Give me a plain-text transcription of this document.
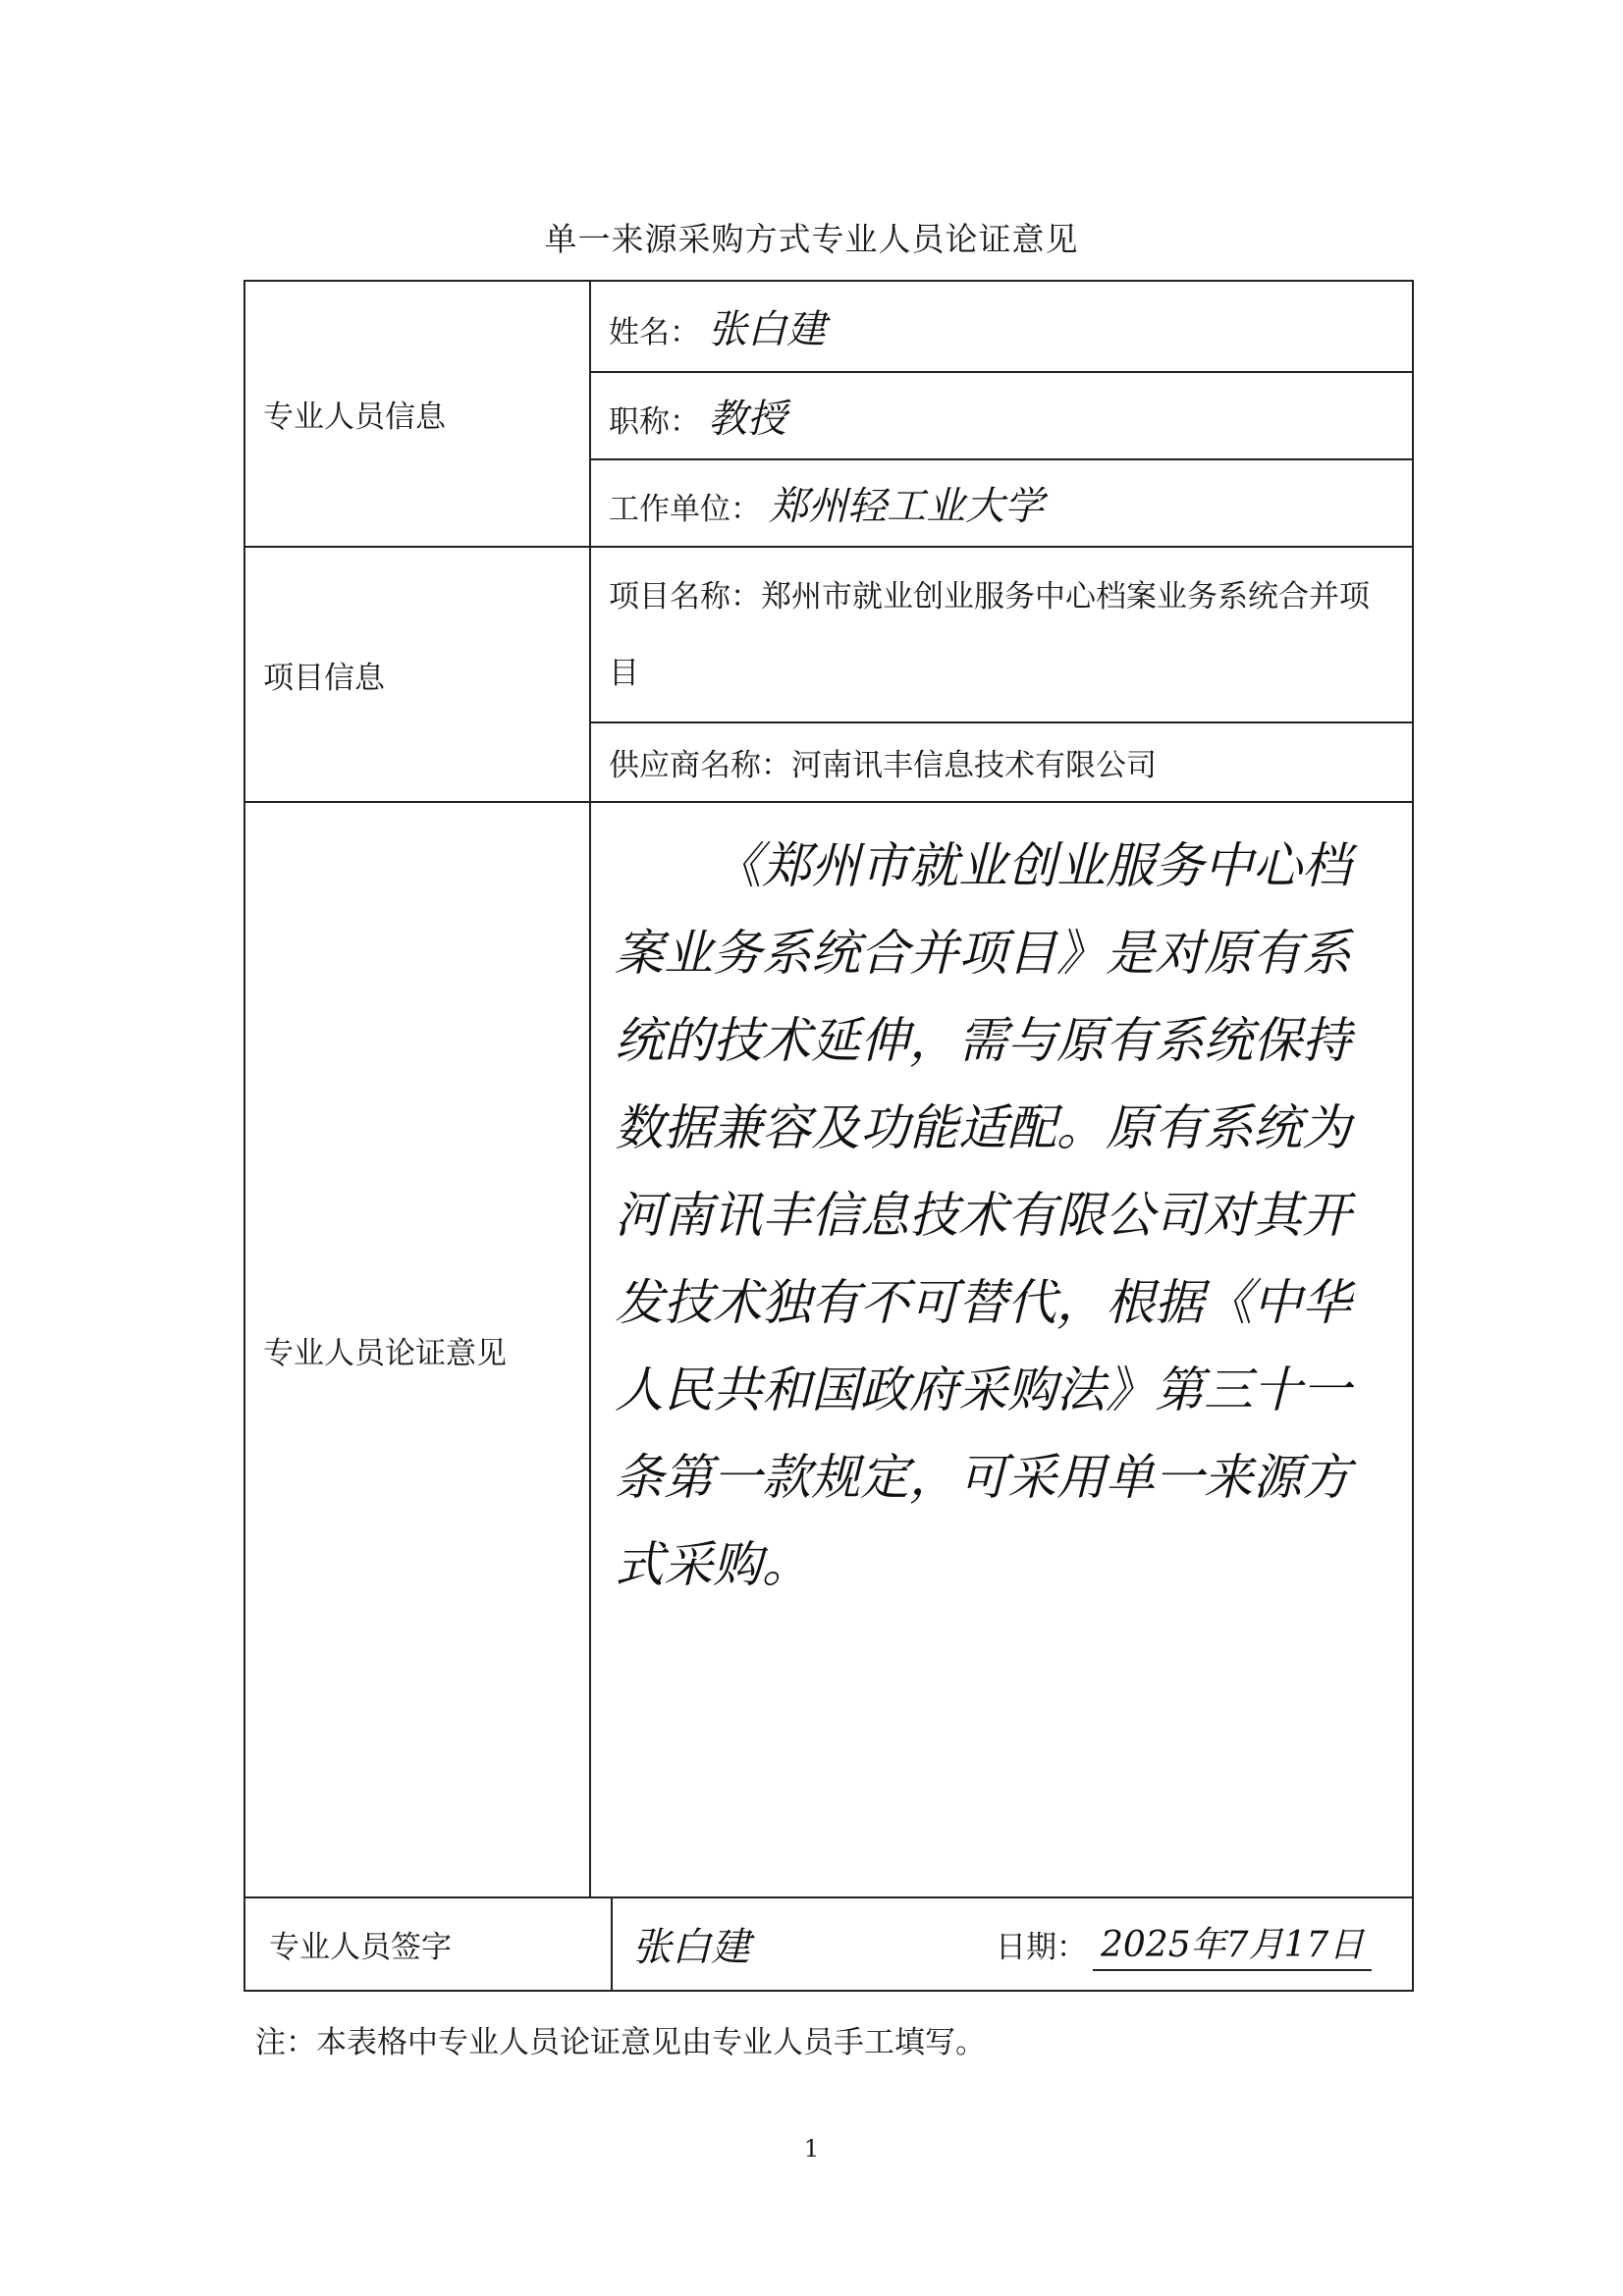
单一来源采购方式专业人员论证意见
专业人员信息	姓名： 张白建
	职称： 教授
	工作单位： 郑州轻工业大学
项目信息	项目名称：郑州市就业创业服务中心档案业务系统合并项目
	供应商名称：河南讯丰信息技术有限公司
专业人员论证意见	《郑州市就业创业服务中心档案业务系统合并项目》是对原有系统的技术延伸，需与原有系统保持数据兼容及功能适配。原有系统为河南讯丰信息技术有限公司对其开发技术独有不可替代，根据《中华人民共和国政府采购法》第三十一条第一款规定，可采用单一来源方式采购。

专业人员签字 张白建 日期： 2025年7月17日	
注：本表格中专业人员论证意见由专业人员手工填写。
1
